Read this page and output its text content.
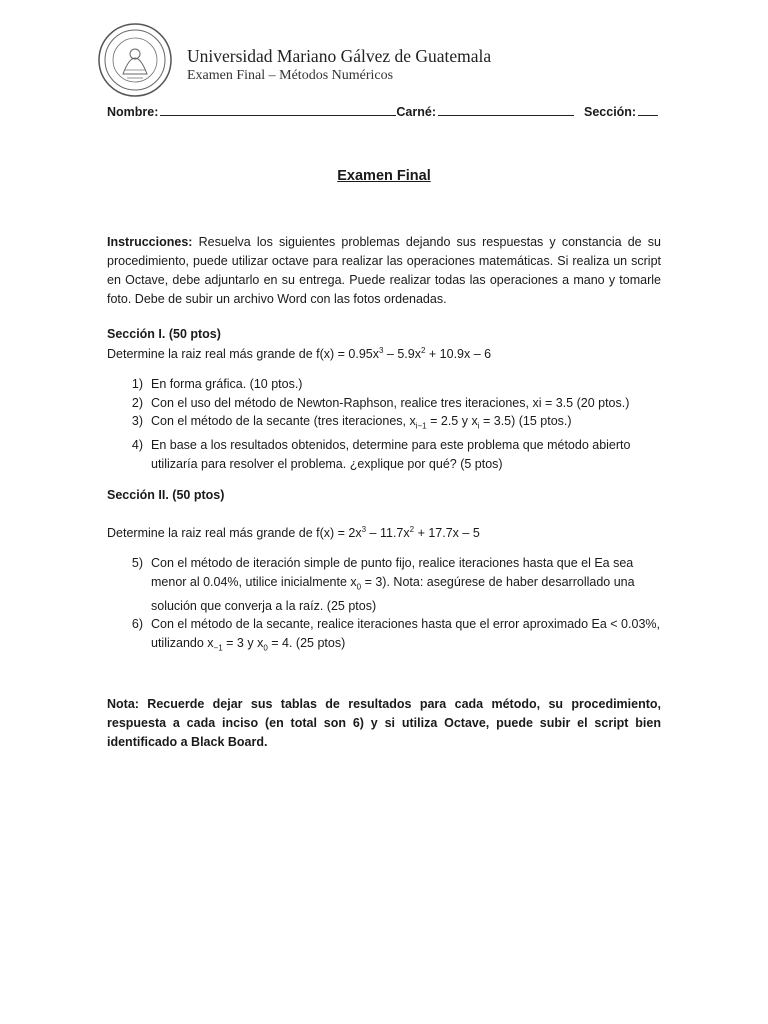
Universidad Mariano Gálvez de Guatemala
Examen Final – Métodos Numéricos
Nombre:	Carné:	Sección:
Examen Final
Instrucciones: Resuelva los siguientes problemas dejando sus respuestas y constancia de su procedimiento, puede utilizar octave para realizar las operaciones matemáticas. Si realiza un script en Octave, debe adjuntarlo en su entrega. Puede realizar todas las operaciones a mano y tomarle foto. Debe de subir un archivo Word con las fotos ordenadas.
Sección I. (50 ptos)
Determine la raiz real más grande de $f(x) = 0.95x^3 - 5.9x^2 + 10.9x - 6$
1) En forma gráfica. (10 ptos.)
2) Con el uso del método de Newton-Raphson, realice tres iteraciones, xi = 3.5 (20 ptos.)
3) Con el método de la secante (tres iteraciones, $x_{i-1} = 2.5$ y $x_i = 3.5$) (15 ptos.)
4) En base a los resultados obtenidos, determine para este problema que método abierto utilizaría para resolver el problema. ¿explique por qué? (5 ptos)
Sección II. (50 ptos)
Determine la raiz real más grande de $f(x) = 2x^3 - 11.7x^2 + 17.7x - 5$
5) Con el método de iteración simple de punto fijo, realice iteraciones hasta que el Ea sea menor al 0.04%, utilice inicialmente $x_0 = 3$). Nota: asegúrese de haber desarrollado una solución que converja a la raíz. (25 ptos)
6) Con el método de la secante, realice iteraciones hasta que el error aproximado Ea < 0.03%, utilizando $x_{-1} = 3$ y $x_0 = 4$. (25 ptos)
Nota: Recuerde dejar sus tablas de resultados para cada método, su procedimiento, respuesta a cada inciso (en total son 6) y si utiliza Octave, puede subir el script bien identificado a Black Board.
